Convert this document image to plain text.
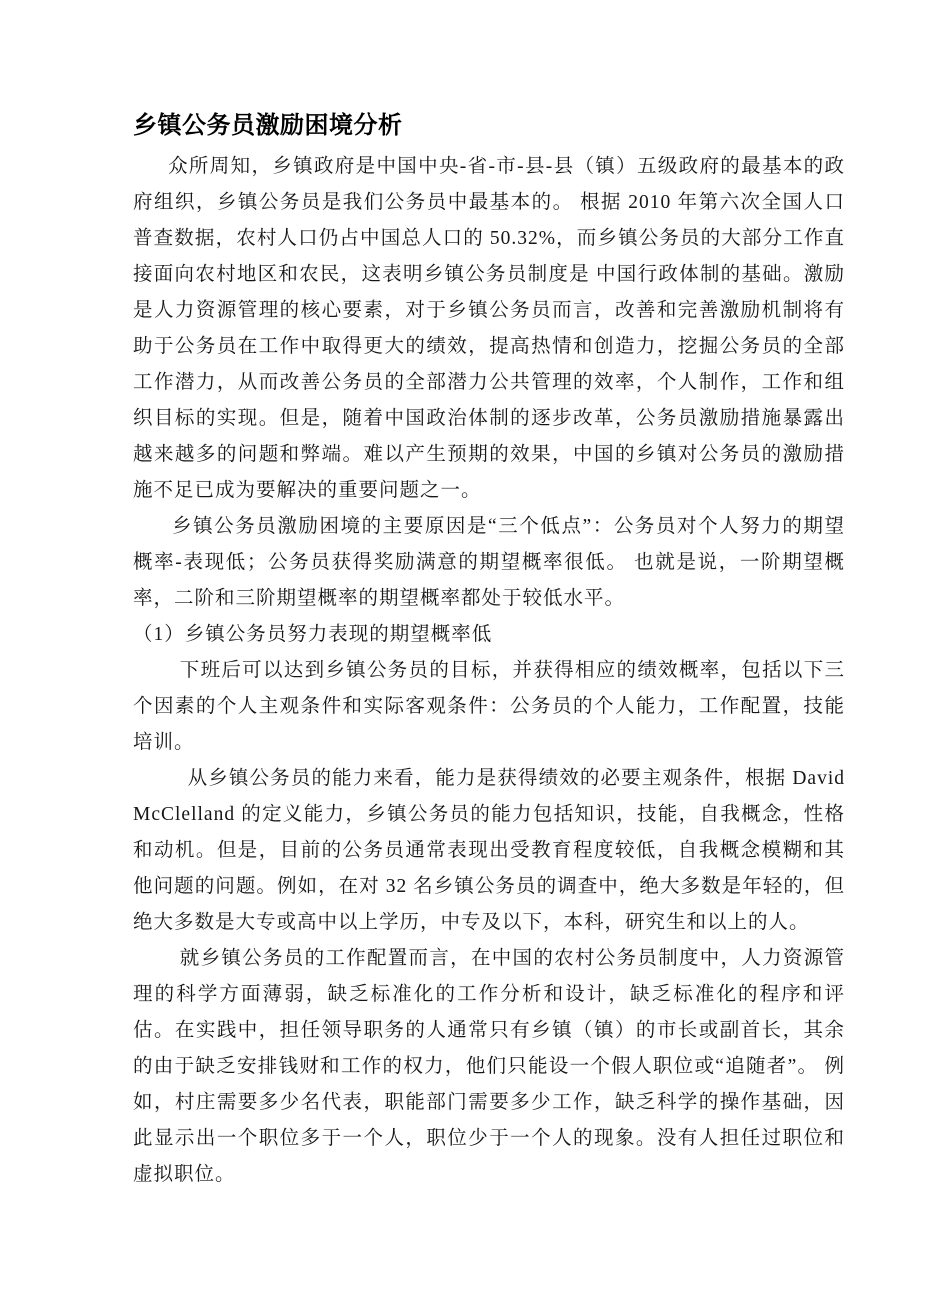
乡镇公务员激励困境分析

众所周知，乡镇政府是中国中央-省-市-县-县（镇）五级政府的最基本的政府组织，乡镇公务员是我们公务员中最基本的。 根据 2010 年第六次全国人口普查数据，农村人口仍占中国总人口的 50.32%，而乡镇公务员的大部分工作直接面向农村地区和农民，这表明乡镇公务员制度是 中国行政体制的基础。激励是人力资源管理的核心要素，对于乡镇公务员而言，改善和完善激励机制将有助于公务员在工作中取得更大的绩效，提高热情和创造力，挖掘公务员的全部工作潜力，从而改善公务员的全部潜力公共管理的效率，个人制作，工作和组织目标的实现。但是，随着中国政治体制的逐步改革，公务员激励措施暴露出越来越多的问题和弊端。难以产生预期的效果，中国的乡镇对公务员的激励措施不足已成为要解决的重要问题之一。

乡镇公务员激励困境的主要原因是“三个低点”：公务员对个人努力的期望概率-表现低；公务员获得奖励满意的期望概率很低。 也就是说，一阶期望概率，二阶和三阶期望概率的期望概率都处于较低水平。

（1）乡镇公务员努力表现的期望概率低

下班后可以达到乡镇公务员的目标，并获得相应的绩效概率，包括以下三个因素的个人主观条件和实际客观条件：公务员的个人能力，工作配置，技能培训。

从乡镇公务员的能力来看，能力是获得绩效的必要主观条件，根据 David McClelland 的定义能力，乡镇公务员的能力包括知识，技能，自我概念，性格和动机。但是，目前的公务员通常表现出受教育程度较低，自我概念模糊和其他问题的问题。例如，在对 32 名乡镇公务员的调查中，绝大多数是年轻的，但绝大多数是大专或高中以上学历，中专及以下，本科，研究生和以上的人。

就乡镇公务员的工作配置而言，在中国的农村公务员制度中，人力资源管理的科学方面薄弱，缺乏标准化的工作分析和设计，缺乏标准化的程序和评估。在实践中，担任领导职务的人通常只有乡镇（镇）的市长或副首长，其余的由于缺乏安排钱财和工作的权力，他们只能设一个假人职位或“追随者”。 例如，村庄需要多少名代表，职能部门需要多少工作，缺乏科学的操作基础，因此显示出一个职位多于一个人，职位少于一个人的现象。没有人担任过职位和虚拟职位。
